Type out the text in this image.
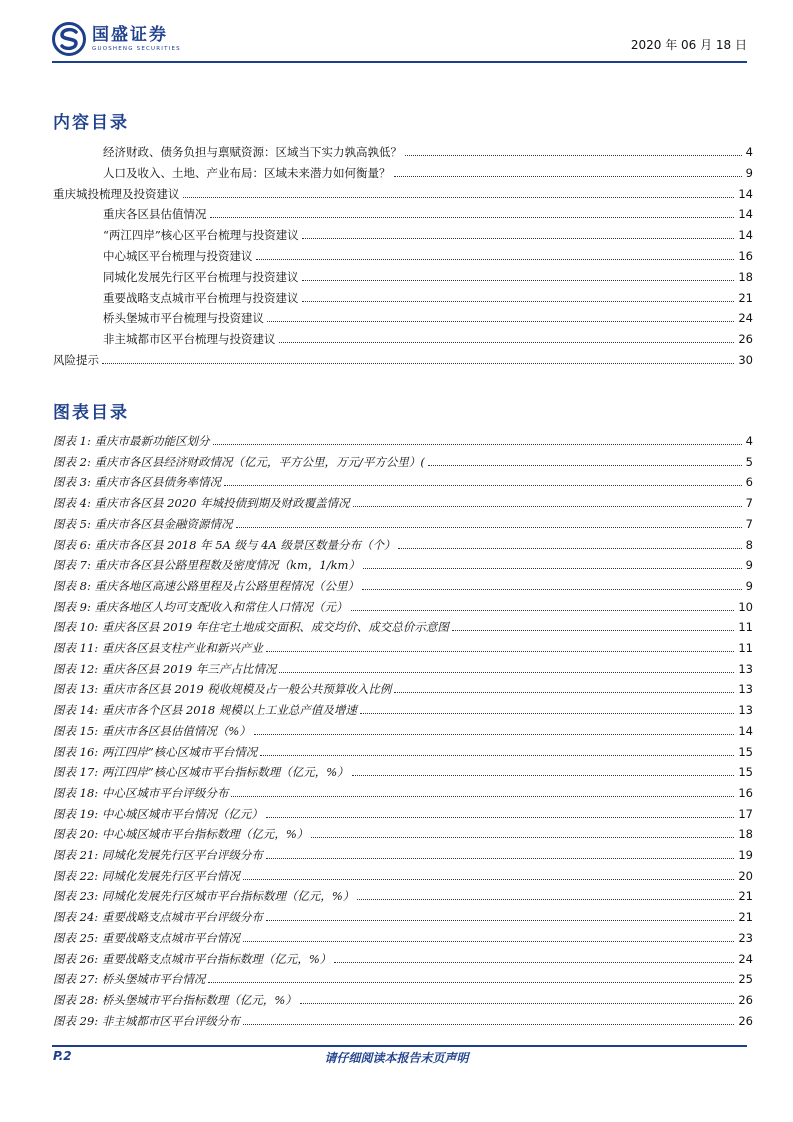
国盛证券
GUOSHENG SECURITIES	2020 年 06 月 18 日
内容目录
经济财政、债务负担与禀赋资源：区域当下实力孰高孰低？	4
人口及收入、土地、产业布局：区域未来潜力如何衡量？	9
重庆城投梳理及投资建议	14
重庆各区县估值情况	14
“两江四岸”核心区平台梳理与投资建议	14
中心城区平台梳理与投资建议	16
同城化发展先行区平台梳理与投资建议	18
重要战略支点城市平台梳理与投资建议	21
桥头堡城市平台梳理与投资建议	24
非主城都市区平台梳理与投资建议	26
风险提示	30
图表目录
图表 1: 重庆市最新功能区划分	4
图表 2: 重庆市各区县经济财政情况（亿元，平方公里，万元/平方公里）(	5
图表 3: 重庆市各区县债务率情况	6
图表 4: 重庆市各区县 2020 年城投债到期及财政覆盖情况	7
图表 5: 重庆市各区县金融资源情况	7
图表 6: 重庆市各区县 2018 年 5A 级与 4A 级景区数量分布（个）	8
图表 7: 重庆市各区县公路里程数及密度情况（km，1/km）	9
图表 8: 重庆各地区高速公路里程及占公路里程情况（公里）	9
图表 9: 重庆各地区人均可支配收入和常住人口情况（元）	10
图表 10: 重庆各区县 2019 年住宅土地成交面积、成交均价、成交总价示意图	11
图表 11: 重庆各区县支柱产业和新兴产业	11
图表 12: 重庆各区县 2019 年三产占比情况	13
图表 13: 重庆市各区县 2019 税收规模及占一般公共预算收入比例	13
图表 14: 重庆市各个区县 2018 规模以上工业总产值及增速	13
图表 15: 重庆市各区县估值情况（%）	14
图表 16: 两江四岸”核心区城市平台情况	15
图表 17: 两江四岸”核心区城市平台指标数理（亿元，%）	15
图表 18: 中心区城市平台评级分布	16
图表 19: 中心城区城市平台情况（亿元）	17
图表 20: 中心城区城市平台指标数理（亿元，%）	18
图表 21: 同城化发展先行区平台评级分布	19
图表 22: 同城化发展先行区平台情况	20
图表 23: 同城化发展先行区城市平台指标数理（亿元，%）	21
图表 24: 重要战略支点城市平台评级分布	21
图表 25: 重要战略支点城市平台情况	23
图表 26: 重要战略支点城市平台指标数理（亿元，%）	24
图表 27: 桥头堡城市平台情况	25
图表 28: 桥头堡城市平台指标数理（亿元，%）	26
图表 29: 非主城都市区平台评级分布	26
P.2	请仔细阅读本报告末页声明
